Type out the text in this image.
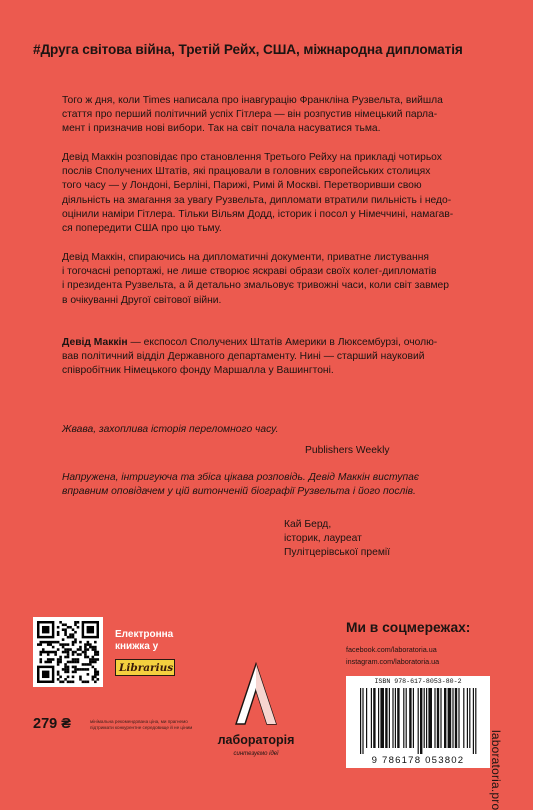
#Друга світова війна, Третій Рейх, США, міжнародна дипломатія
Того ж дня, коли Times написала про інавгурацію Франкліна Рузвельта, вийшла
стаття про перший політичний успіх Гітлера — він розпустив німецький парла-
мент і призначив нові вибори. Так на світ почала насуватися тьма.
Девід Маккін розповідає про становлення Третього Рейху на прикладі чотирьох
послів Сполучених Штатів, які працювали в головних європейських столицях
того часу — у Лондоні, Берліні, Парижі, Римі й Москві. Перетворивши свою
діяльність на змагання за увагу Рузвельта, дипломати втратили пильність і недо-
оцінили наміри Гітлера. Тільки Вільям Додд, історик і посол у Німеччині, намагав-
ся попередити США про цю тьму.
Девід Маккін, спираючись на дипломатичні документи, приватне листування
і тогочасні репортажі, не лише створює яскраві образи своїх колег-дипломатів
і президента Рузвельта, а й детально змальовує тривожні часи, коли світ завмер
в очікуванні Другої світової війни.
Девід Маккін — експосол Сполучених Штатів Америки в Люксембурзі, очолю-
вав політичний відділ Державного департаменту. Нині — старший науковий
співробітник Німецького фонду Маршалла у Вашингтоні.
Жвава, захоплива історія переломного часу.
Publishers Weekly
Напружена, інтригуюча та збіса цікава розповідь. Девід Маккін виступає
вправним оповідачем у цій витонченій біографії Рузвельта і його послів.
Кай Берд,
історик, лауреат
Пулітцерівської премії
Електронна
книжка у
Librarius
279 ₴	мінімальна рекомендована ціна, ми прагнемо підтримати конкурентне середовище й не ціним
лабораторія
синтезуємо ідеї
Ми в соцмережах:
facebook.com/laboratoria.ua
instagram.com/laboratoria.ua
ISBN 978-617-8053-80-2
9 786178 053802	laboratoria.pro
